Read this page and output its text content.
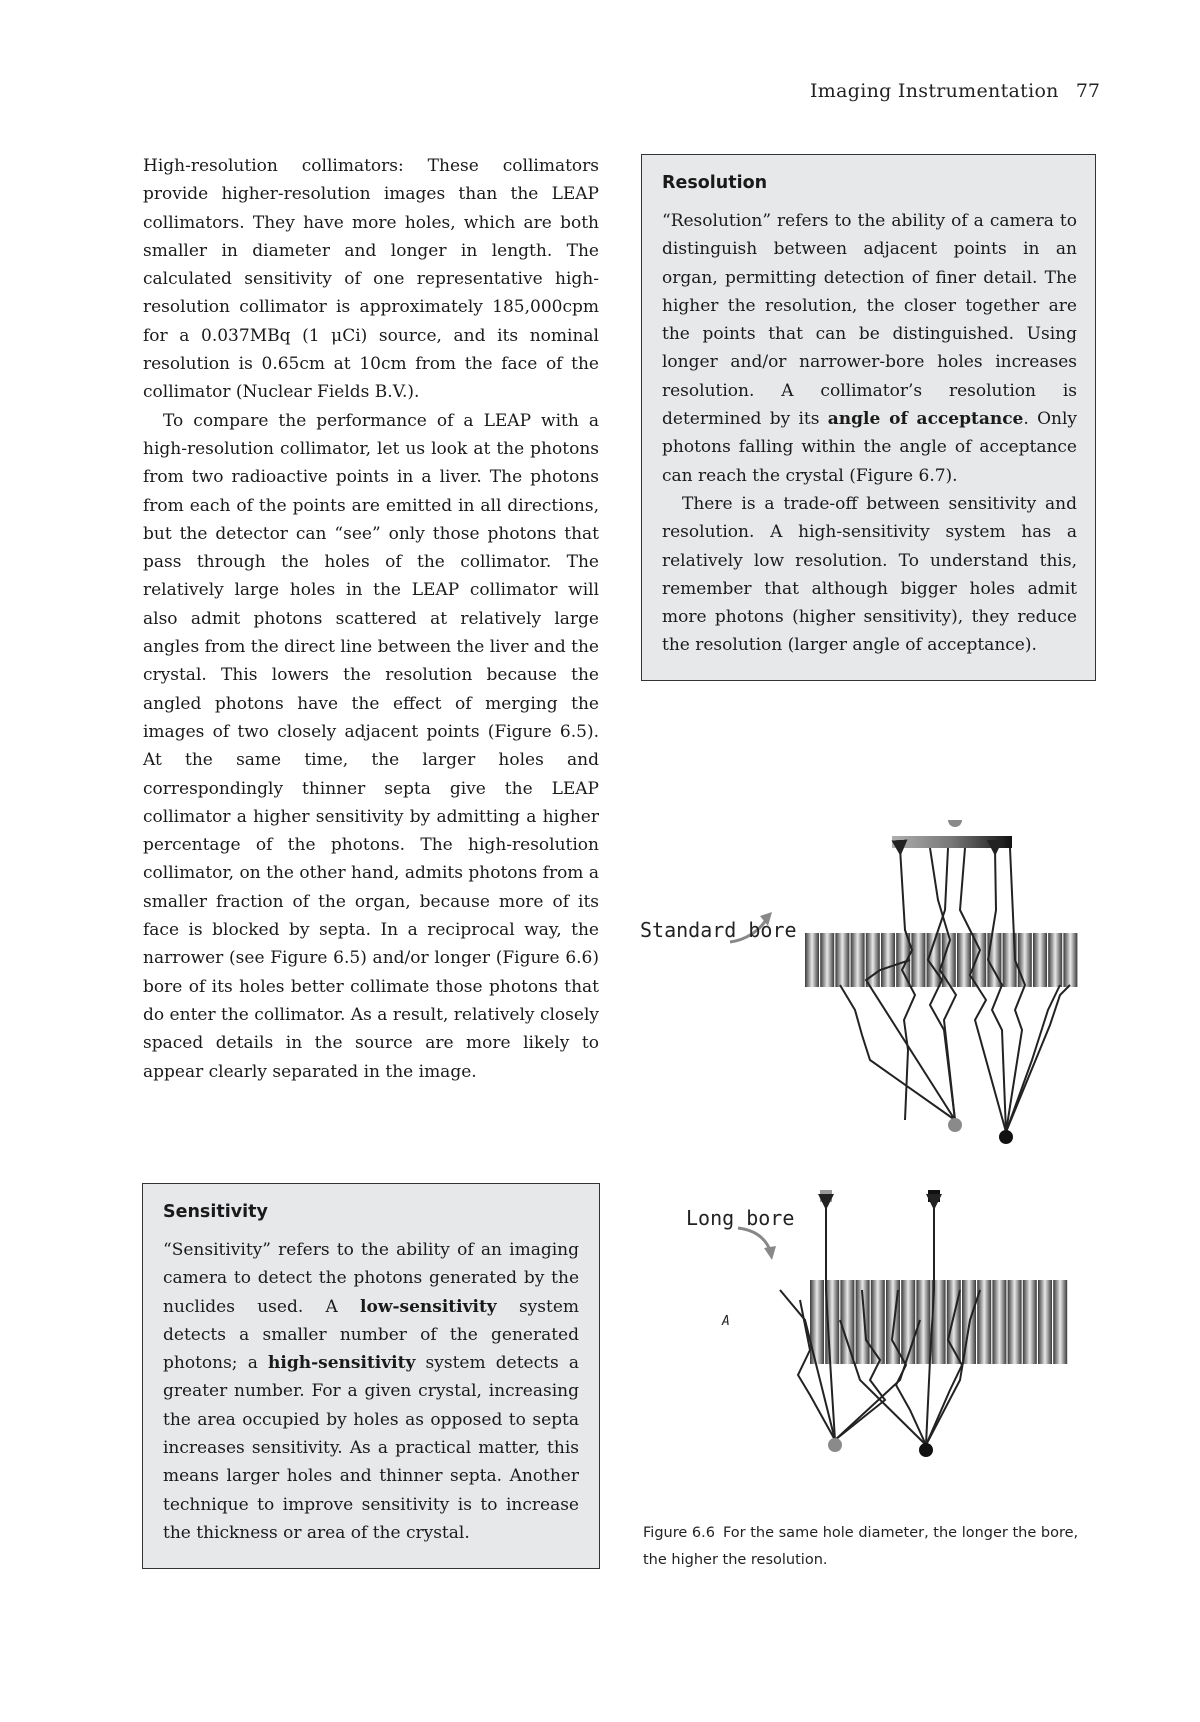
Imaging Instrumentation 77

High-resolution collimators: These collimators provide higher-resolution images than the LEAP collimators. They have more holes, which are both smaller in diameter and longer in length. The calculated sensitivity of one representative high-resolution collimator is approximately 185,000cpm for a 0.037MBq (1 μCi) source, and its nominal resolution is 0.65cm at 10cm from the face of the collimator (Nuclear Fields B.V.).

To compare the performance of a LEAP with a high-resolution collimator, let us look at the photons from two radioactive points in a liver. The photons from each of the points are emitted in all directions, but the detector can “see” only those photons that pass through the holes of the collimator. The relatively large holes in the LEAP collimator will also admit photons scattered at relatively large angles from the direct line between the liver and the crystal. This lowers the resolution because the angled photons have the effect of merging the images of two closely adjacent points (Figure 6.5). At the same time, the larger holes and correspondingly thinner septa give the LEAP collimator a higher sensitivity by admitting a higher percentage of the photons. The high-resolution collimator, on the other hand, admits photons from a smaller fraction of the organ, because more of its face is blocked by septa. In a reciprocal way, the narrower (see Figure 6.5) and/or longer (Figure 6.6) bore of its holes better collimate those photons that do enter the collimator. As a result, relatively closely spaced details in the source are more likely to appear clearly separated in the image.

Resolution

“Resolution” refers to the ability of a camera to distinguish between adjacent points in an organ, permitting detection of finer detail. The higher the resolution, the closer together are the points that can be distinguished. Using longer and/or narrower-bore holes increases resolution. A collimator’s resolution is determined by its angle of acceptance. Only photons falling within the angle of acceptance can reach the crystal (Figure 6.7).

There is a trade-off between sensitivity and resolution. A high-sensitivity system has a relatively low resolution. To understand this, remember that although bigger holes admit more photons (higher sensitivity), they reduce the resolution (larger angle of acceptance).

Sensitivity

“Sensitivity” refers to the ability of an imaging camera to detect the photons generated by the nuclides used. A low-sensitivity system detects a smaller number of the generated photons; a high-sensitivity system detects a greater number. For a given crystal, increasing the area occupied by holes as opposed to septa increases sensitivity. As a practical matter, this means larger holes and thinner septa. Another technique to improve sensitivity is to increase the thickness or area of the crystal.

Standard bore
Long bore
A
Figure 6.6 For the same hole diameter, the longer the bore, the higher the resolution.
